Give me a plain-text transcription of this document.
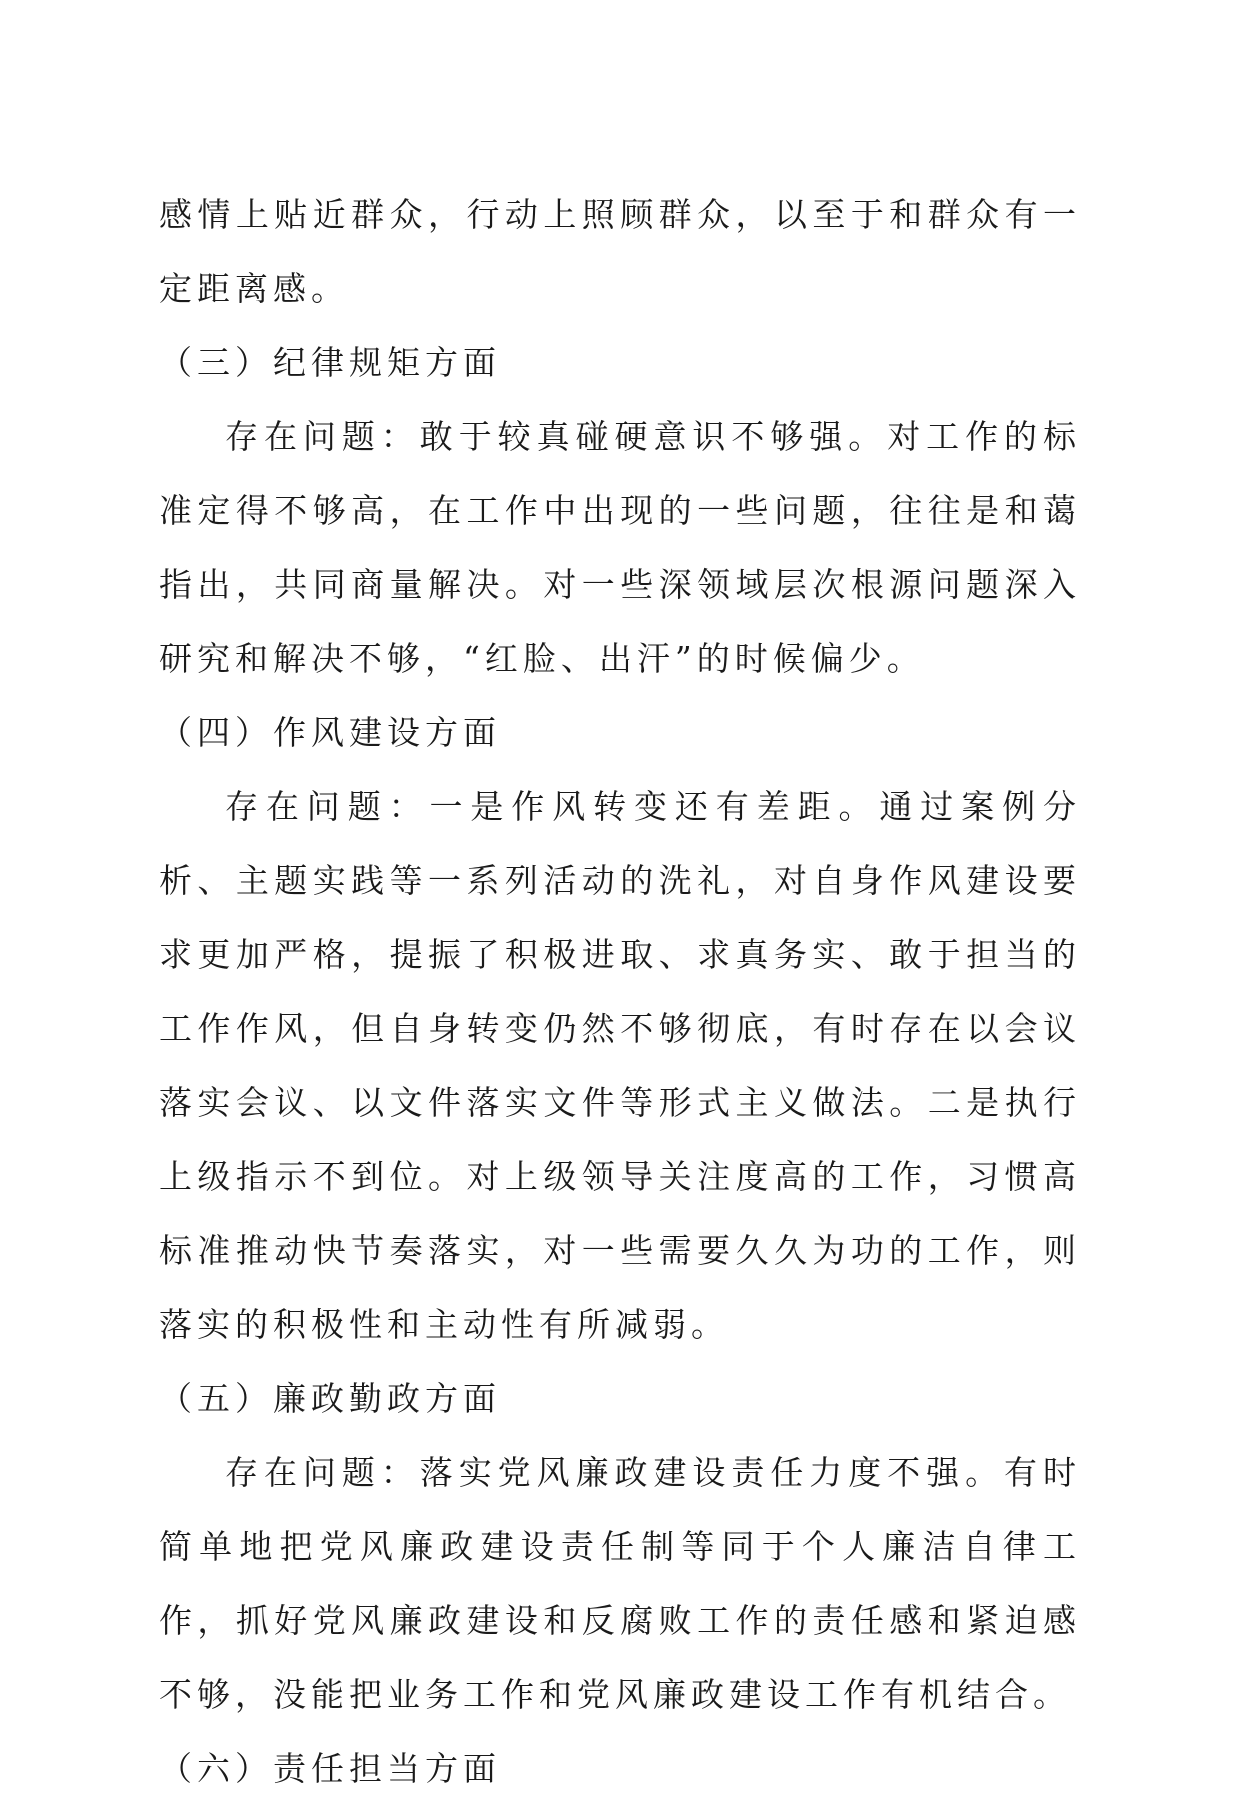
感情上贴近群众，行动上照顾群众，以至于和群众有一定距离感。

（三）纪律规矩方面

存在问题：敢于较真碰硬意识不够强。对工作的标准定得不够高，在工作中出现的一些问题，往往是和蔼指出，共同商量解决。对一些深领域层次根源问题深入研究和解决不够，“红脸、出汗”的时候偏少。

（四）作风建设方面

存在问题：一是作风转变还有差距。通过案例分析、主题实践等一系列活动的洗礼，对自身作风建设要求更加严格，提振了积极进取、求真务实、敢于担当的工作作风，但自身转变仍然不够彻底，有时存在以会议落实会议、以文件落实文件等形式主义做法。二是执行上级指示不到位。对上级领导关注度高的工作，习惯高标准推动快节奏落实，对一些需要久久为功的工作，则落实的积极性和主动性有所减弱。

（五）廉政勤政方面

存在问题：落实党风廉政建设责任力度不强。有时简单地把党风廉政建设责任制等同于个人廉洁自律工作，抓好党风廉政建设和反腐败工作的责任感和紧迫感不够，没能把业务工作和党风廉政建设工作有机结合。

（六）责任担当方面
